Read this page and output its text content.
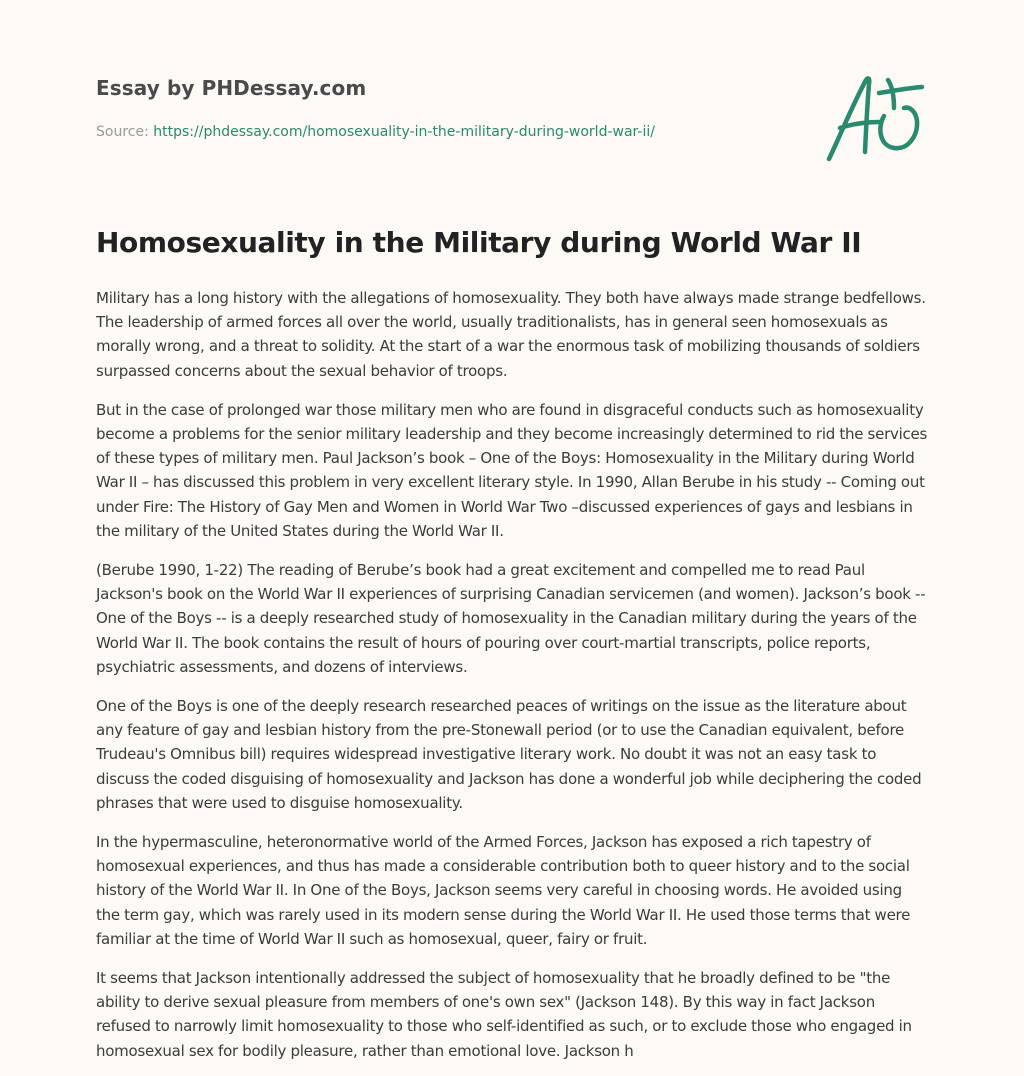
Essay by PHDessay.com
Source: https://phdessay.com/homosexuality-in-the-military-during-world-war-ii/
Homosexuality in the Military during World War II

Military has a long history with the allegations of homosexuality. They both have always made strange bedfellows. The leadership of armed forces all over the world, usually traditionalists, has in general seen homosexuals as morally wrong, and a threat to solidity. At the start of a war the enormous task of mobilizing thousands of soldiers surpassed concerns about the sexual behavior of troops.

But in the case of prolonged war those military men who are found in disgraceful conducts such as homosexuality become a problems for the senior military leadership and they become increasingly determined to rid the services of these types of military men. Paul Jackson’s book – One of the Boys: Homosexuality in the Military during World War II – has discussed this problem in very excellent literary style. In 1990, Allan Berube in his study -- Coming out under Fire: The History of Gay Men and Women in World War Two –discussed experiences of gays and lesbians in the military of the United States during the World War II.

(Berube 1990, 1-22) The reading of Berube’s book had a great excitement and compelled me to read Paul Jackson's book on the World War II experiences of surprising Canadian servicemen (and women). Jackson’s book -- One of the Boys -- is a deeply researched study of homosexuality in the Canadian military during the years of the World War II. The book contains the result of hours of pouring over court-martial transcripts, police reports, psychiatric assessments, and dozens of interviews.

One of the Boys is one of the deeply research researched peaces of writings on the issue as the literature about any feature of gay and lesbian history from the pre-Stonewall period (or to use the Canadian equivalent, before Trudeau's Omnibus bill) requires widespread investigative literary work. No doubt it was not an easy task to discuss the coded disguising of homosexuality and Jackson has done a wonderful job while deciphering the coded phrases that were used to disguise homosexuality.

In the hypermasculine, heteronormative world of the Armed Forces, Jackson has exposed a rich tapestry of homosexual experiences, and thus has made a considerable contribution both to queer history and to the social history of the World War II. In One of the Boys, Jackson seems very careful in choosing words. He avoided using the term gay, which was rarely used in its modern sense during the World War II. He used those terms that were familiar at the time of World War II such as homosexual, queer, fairy or fruit.

It seems that Jackson intentionally addressed the subject of homosexuality that he broadly defined to be "the ability to derive sexual pleasure from members of one's own sex" (Jackson 148). By this way in fact Jackson refused to narrowly limit homosexuality to those who self-identified as such, or to exclude those who engaged in homosexual sex for bodily pleasure, rather than emotional love. Jackson h
